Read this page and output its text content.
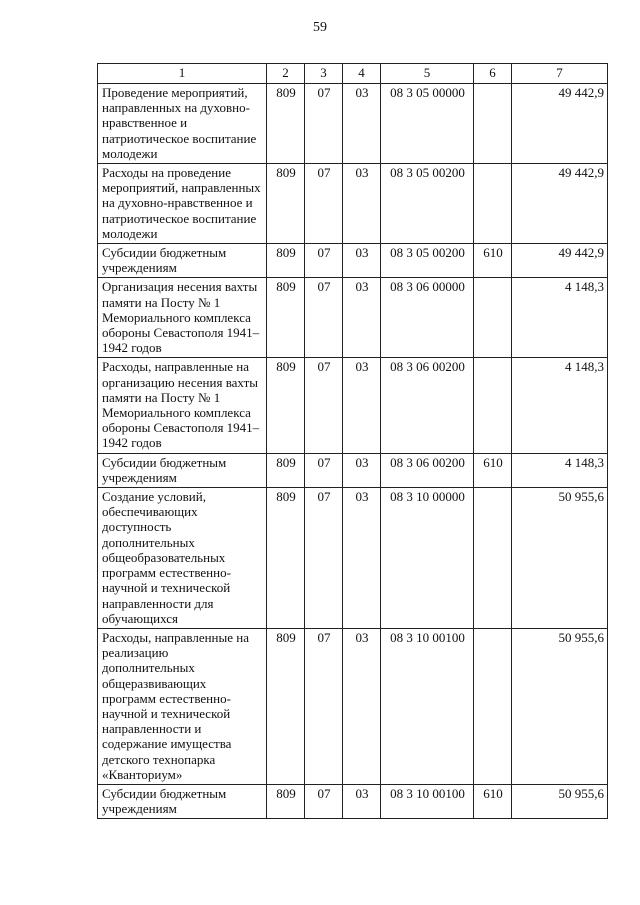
59
1	2	3	4	5	6	7
Проведение мероприятий, направленных на духовно-нравственное и патриотическое воспитание молодежи	809	07	03	08 3 05 00000		49 442,9
Расходы на проведение мероприятий, направленных на духовно-нравственное и патриотическое воспитание молодежи	809	07	03	08 3 05 00200		49 442,9
Субсидии бюджетным учреждениям	809	07	03	08 3 05 00200	610	49 442,9
Организация несения вахты памяти на Посту № 1 Мемориального комплекса обороны Севастополя 1941–1942 годов	809	07	03	08 3 06 00000		4 148,3
Расходы, направленные на организацию несения вахты памяти на Посту № 1 Мемориального комплекса обороны Севастополя 1941–1942 годов	809	07	03	08 3 06 00200		4 148,3
Субсидии бюджетным учреждениям	809	07	03	08 3 06 00200	610	4 148,3
Создание условий, обеспечивающих доступность дополнительных общеобразовательных программ естественно-научной и технической направленности для обучающихся	809	07	03	08 3 10 00000		50 955,6
Расходы, направленные на реализацию дополнительных общеразвивающих программ естественно-научной и технической направленности и содержание имущества детского технопарка «Кванториум»	809	07	03	08 3 10 00100		50 955,6
Субсидии бюджетным учреждениям	809	07	03	08 3 10 00100	610	50 955,6
